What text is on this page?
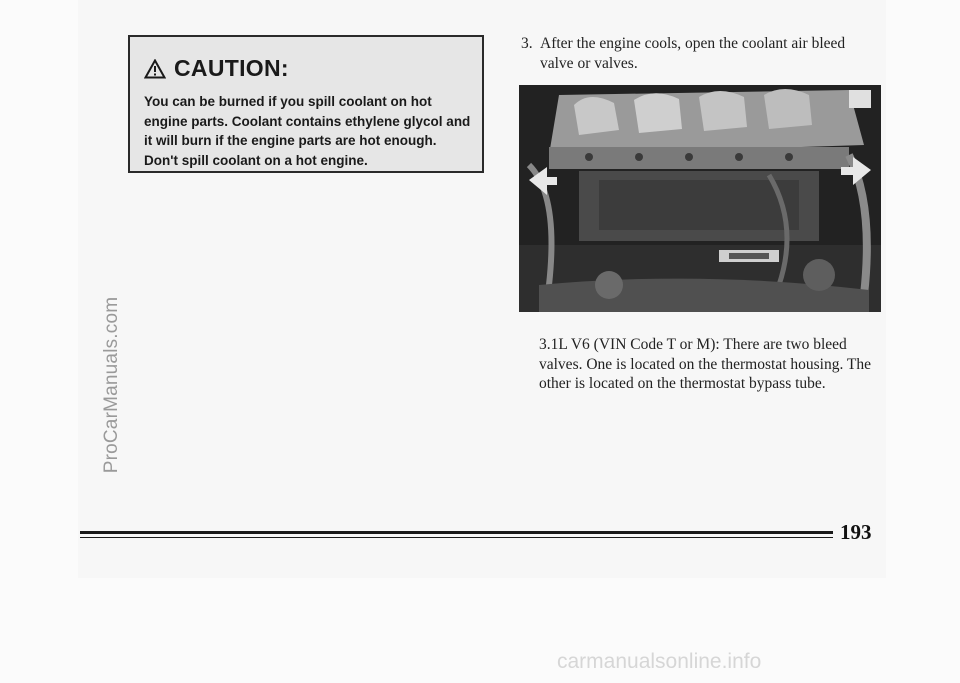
ProCarManuals.com
CAUTION:
You can be burned if you spill coolant on hot engine parts. Coolant contains ethylene glycol and it will burn if the engine parts are hot enough. Don't spill coolant on a hot engine.
3. After the engine cools, open the coolant air bleed valve or valves.
3.1L V6 (VIN Code T or M): There are two bleed valves. One is located on the thermostat housing. The other is located on the thermostat bypass tube.
193
carmanualsonline.info
